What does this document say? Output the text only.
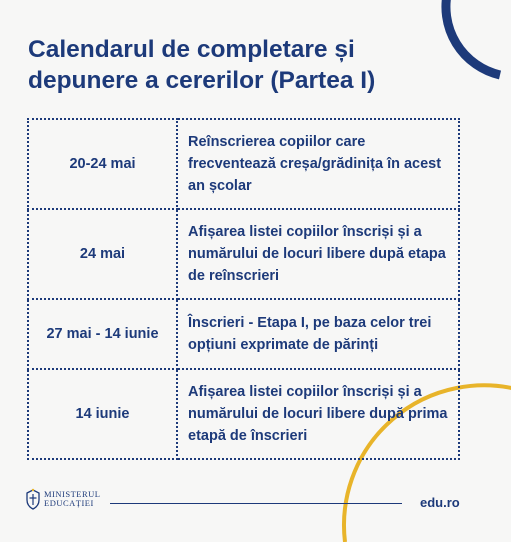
Calendarul de completare și depunere a cererilor (Partea I)
20-24 mai	Reînscrierea copiilor care frecventează creșa/grădinița în acest an școlar
24 mai	Afișarea listei copiilor înscriși și a numărului de locuri libere după etapa de reînscrieri
27 mai - 14 iunie	Înscrieri - Etapa I, pe baza celor trei opțiuni exprimate de părinți
14 iunie	Afișarea listei copiilor înscriși și a numărului de locuri libere după prima etapă de înscrieri
MINISTERUL
EDUCAȚIEI	edu.ro
